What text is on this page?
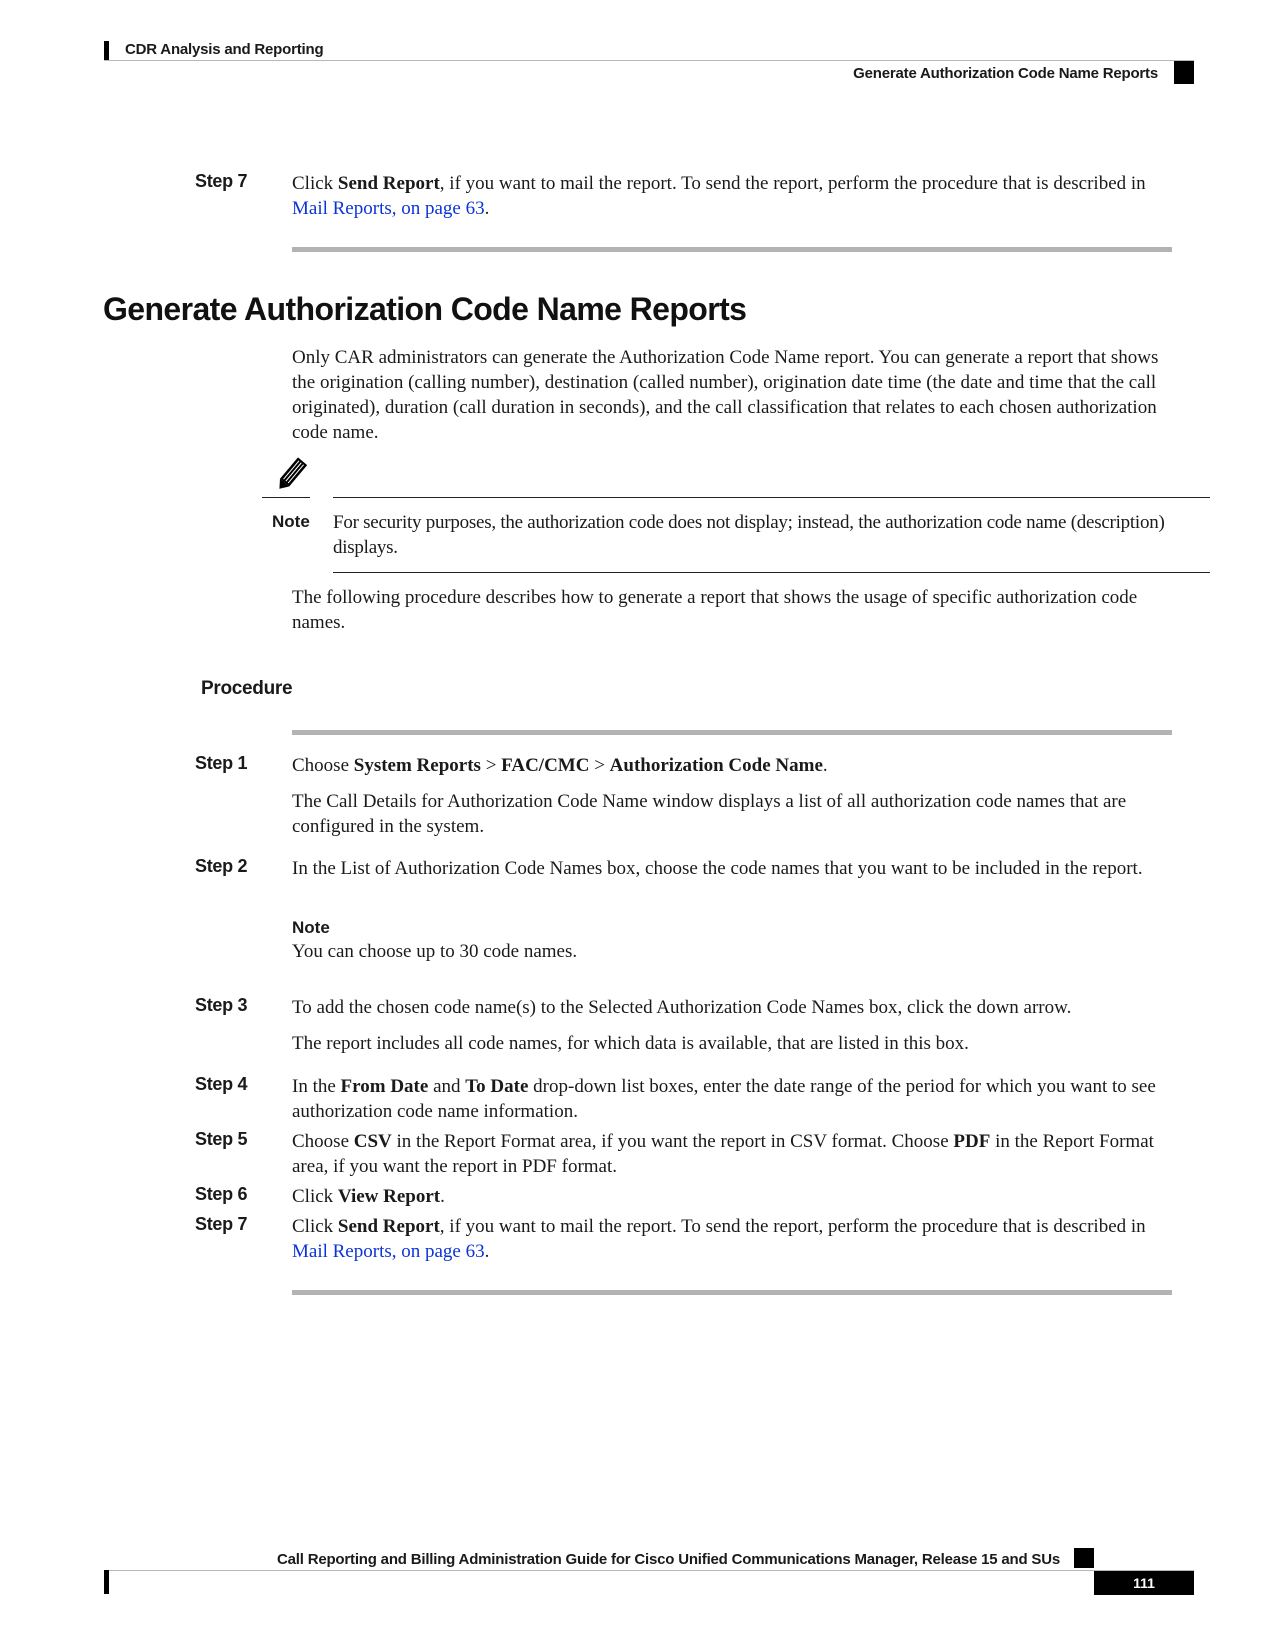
CDR Analysis and Reporting
Generate Authorization Code Name Reports
Step 7 Click Send Report, if you want to mail the report. To send the report, perform the procedure that is described in Mail Reports, on page 63.
Generate Authorization Code Name Reports
Only CAR administrators can generate the Authorization Code Name report. You can generate a report that shows the origination (calling number), destination (called number), origination date time (the date and time that the call originated), duration (call duration in seconds), and the call classification that relates to each chosen authorization code name.
Note For security purposes, the authorization code does not display; instead, the authorization code name (description) displays.
The following procedure describes how to generate a report that shows the usage of specific authorization code names.
Procedure
Step 1 Choose System Reports > FAC/CMC > Authorization Code Name.
The Call Details for Authorization Code Name window displays a list of all authorization code names that are configured in the system.
Step 2 In the List of Authorization Code Names box, choose the code names that you want to be included in the report.
Note
You can choose up to 30 code names.
Step 3 To add the chosen code name(s) to the Selected Authorization Code Names box, click the down arrow.
The report includes all code names, for which data is available, that are listed in this box.
Step 4 In the From Date and To Date drop-down list boxes, enter the date range of the period for which you want to see authorization code name information.
Step 5 Choose CSV in the Report Format area, if you want the report in CSV format. Choose PDF in the Report Format area, if you want the report in PDF format.
Step 6 Click View Report.
Step 7 Click Send Report, if you want to mail the report. To send the report, perform the procedure that is described in Mail Reports, on page 63.
Call Reporting and Billing Administration Guide for Cisco Unified Communications Manager, Release 15 and SUs
111
